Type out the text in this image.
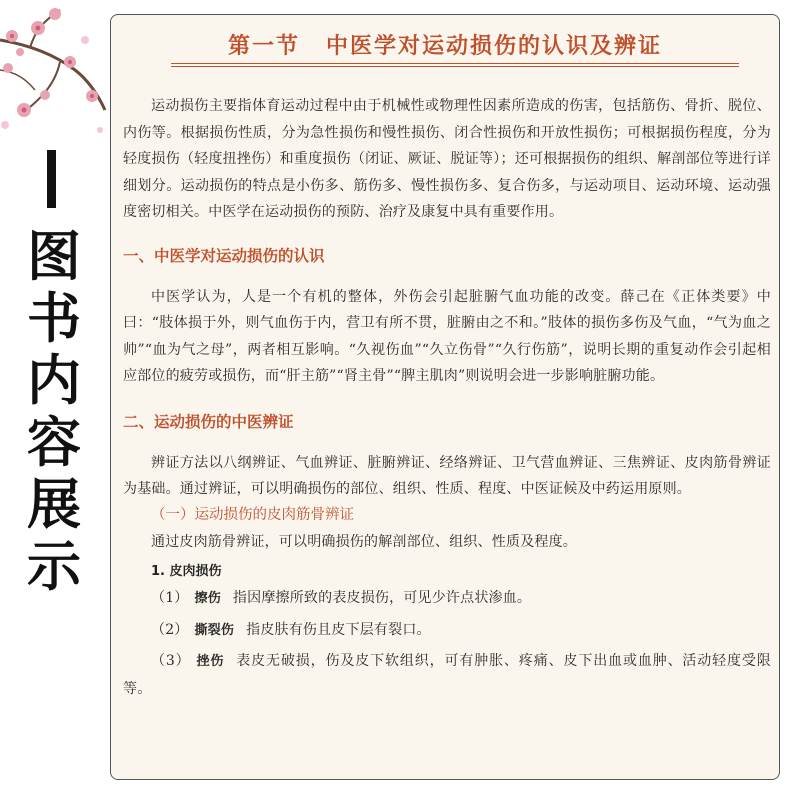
图
书
内
容
展
示
第一节 中医学对运动损伤的认识及辨证

运动损伤主要指体育运动过程中由于机械性或物理性因素所造成的伤害，包括筋伤、骨折、脱位、内伤等。根据损伤性质，分为急性损伤和慢性损伤、闭合性损伤和开放性损伤；可根据损伤程度，分为轻度损伤（轻度扭挫伤）和重度损伤（闭证、厥证、脱证等）；还可根据损伤的组织、解剖部位等进行详细划分。运动损伤的特点是小伤多、筋伤多、慢性损伤多、复合伤多，与运动项目、运动环境、运动强度密切相关。中医学在运动损伤的预防、治疗及康复中具有重要作用。

一、中医学对运动损伤的认识

中医学认为，人是一个有机的整体，外伤会引起脏腑气血功能的改变。薛己在《正体类要》中曰：“肢体损于外，则气血伤于内，营卫有所不贯，脏腑由之不和。”肢体的损伤多伤及气血，“气为血之帅”“血为气之母”，两者相互影响。“久视伤血”“久立伤骨”“久行伤筋”，说明长期的重复动作会引起相应部位的疲劳或损伤，而“肝主筋”“肾主骨”“脾主肌肉”则说明会进一步影响脏腑功能。

二、运动损伤的中医辨证

辨证方法以八纲辨证、气血辨证、脏腑辨证、经络辨证、卫气营血辨证、三焦辨证、皮肉筋骨辨证为基础。通过辨证，可以明确损伤的部位、组织、性质、程度、中医证候及中药运用原则。

（一）运动损伤的皮肉筋骨辨证

通过皮肉筋骨辨证，可以明确损伤的解剖部位、组织、性质及程度。

1. 皮肉损伤

（1） 擦伤 指因摩擦所致的表皮损伤，可见少许点状渗血。

（2） 撕裂伤 指皮肤有伤且皮下层有裂口。

（3） 挫伤 表皮无破损，伤及皮下软组织，可有肿胀、疼痛、皮下出血或血肿、活动轻度受限等。
